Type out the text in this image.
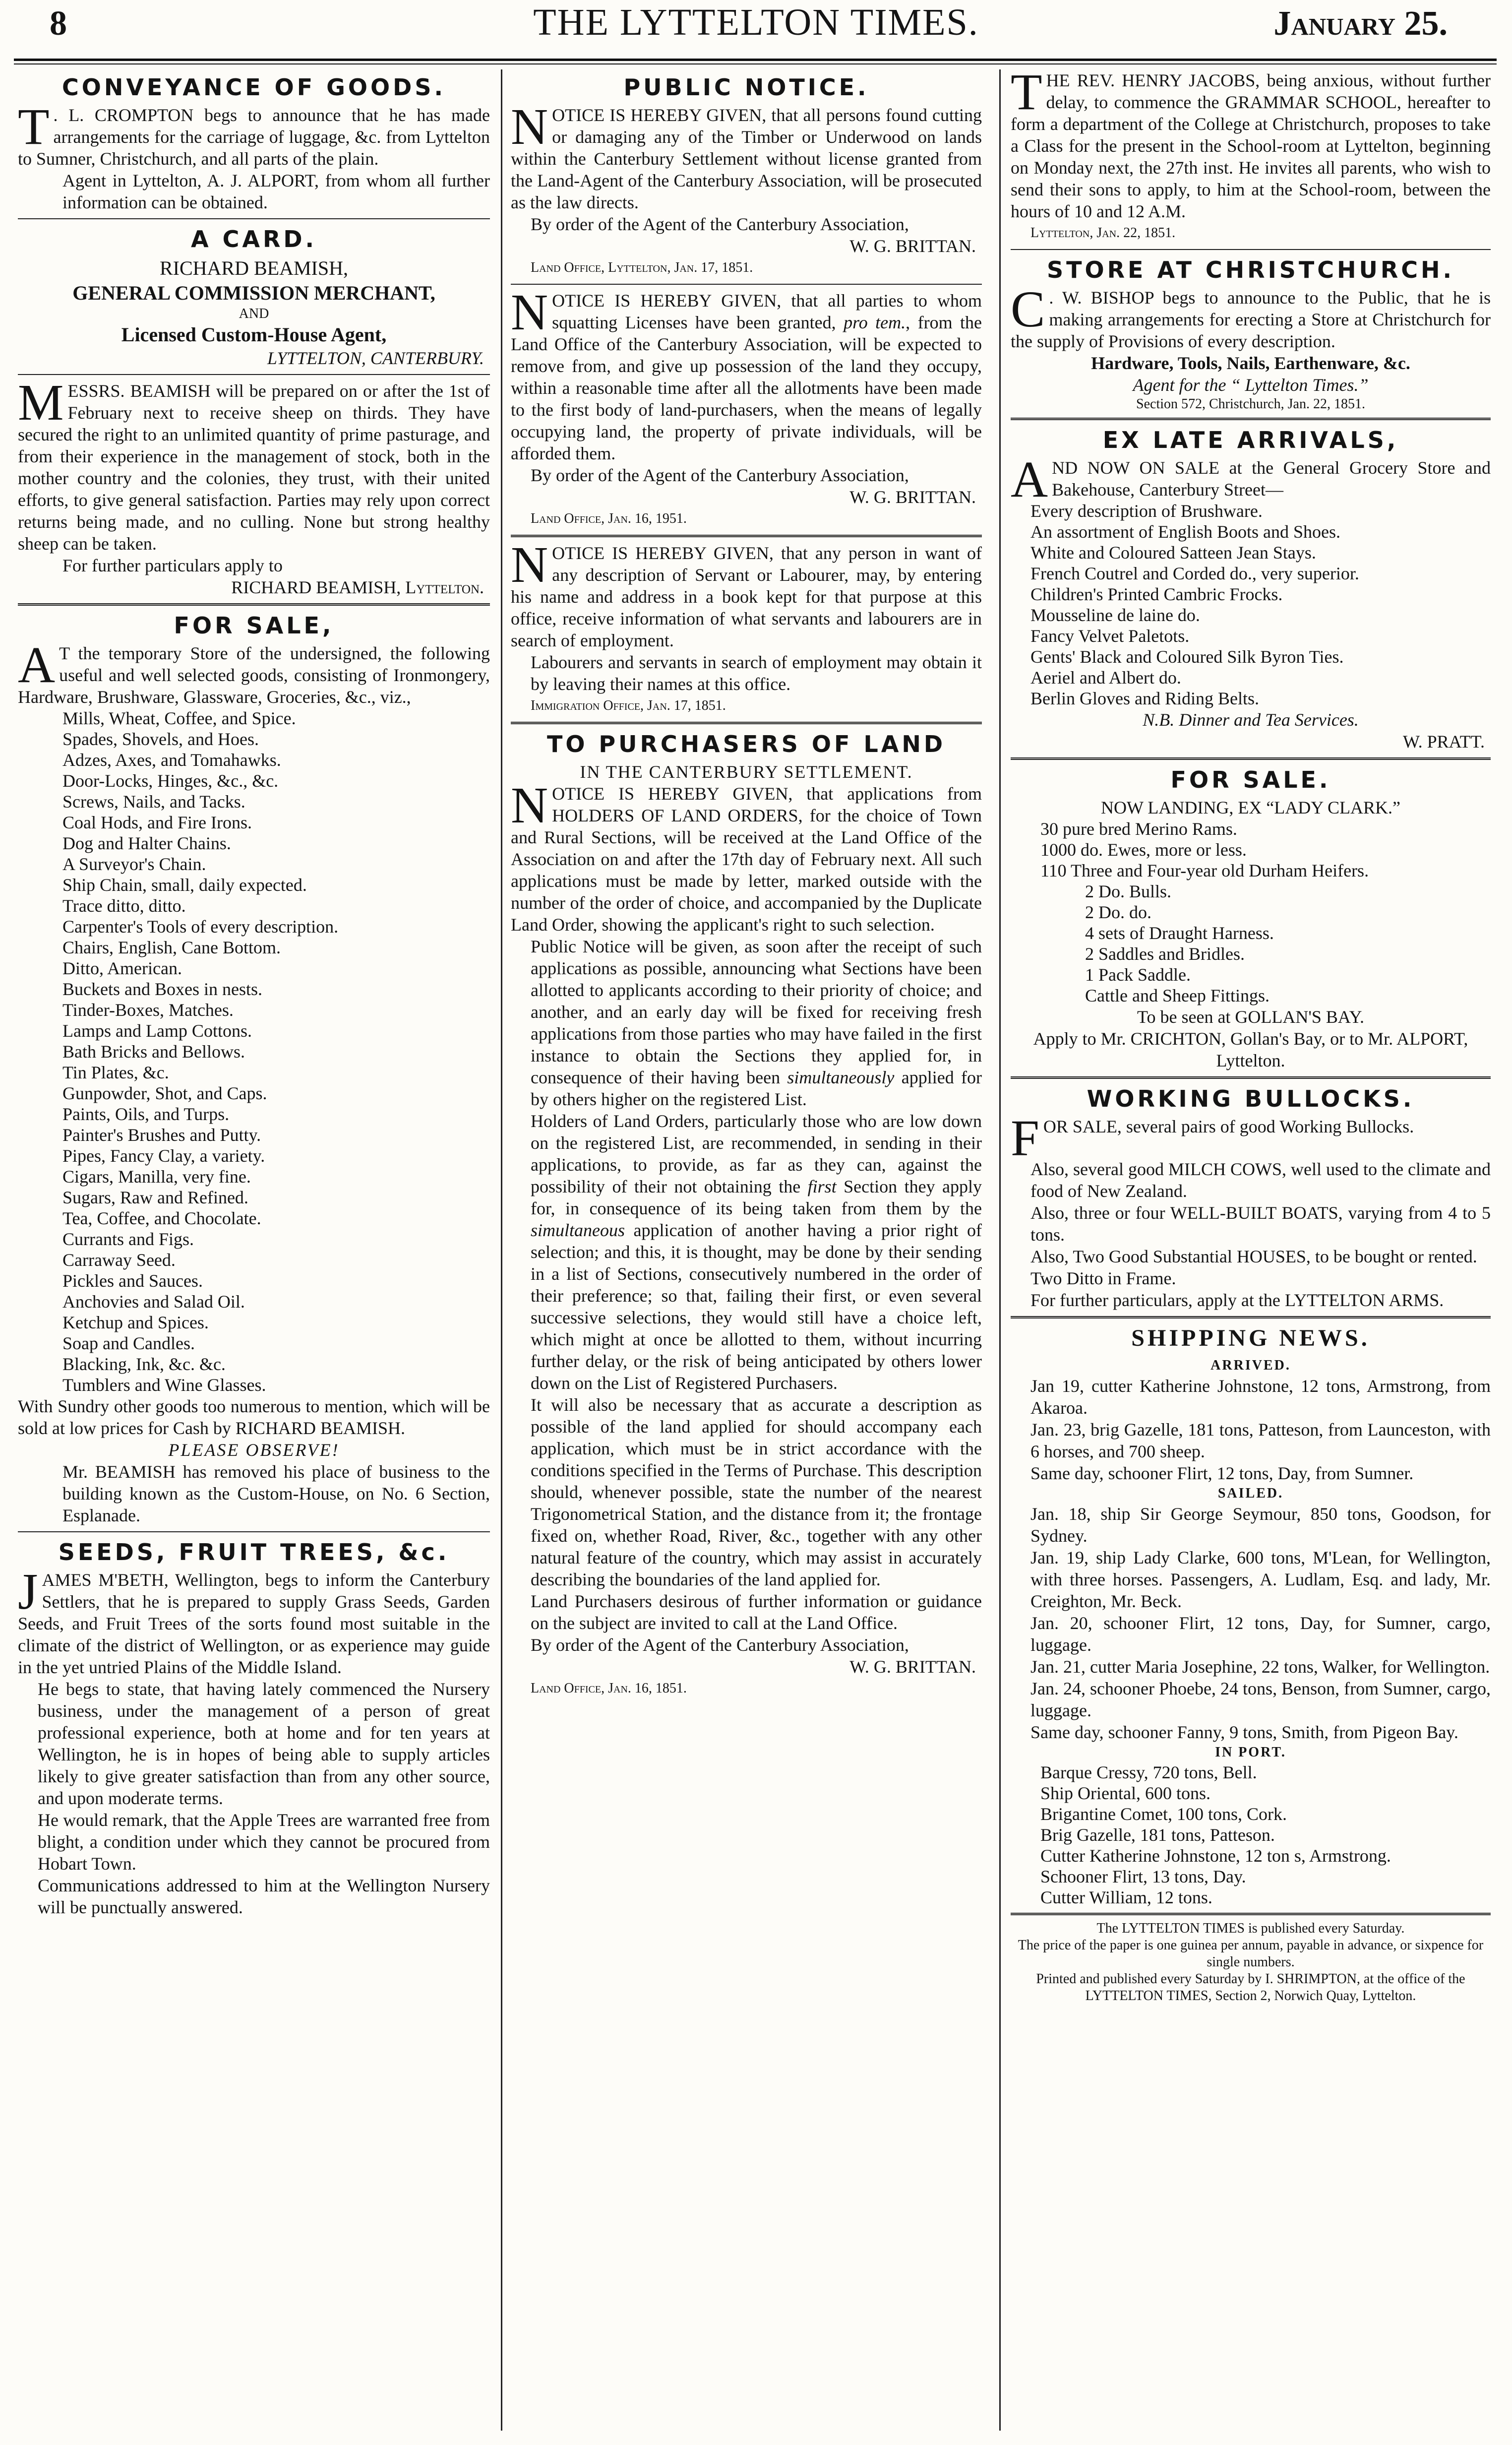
8	THE LYTTELTON TIMES.	January 25.
CONVEYANCE OF GOODS.

T . L. CROMPTON begs to announce that he has made arrangements for the carriage of luggage, &c. from Lyttelton to Sumner, Christchurch, and all parts of the plain.

Agent in Lyttelton, A. J. ALPORT, from whom all further information can be obtained.

A CARD.
RICHARD BEAMISH,
GENERAL COMMISSION MERCHANT,
AND
Licensed Custom-House Agent,
LYTTELTON, CANTERBURY.

MESSRS. BEAMISH will be prepared on or after the 1st of February next to receive sheep on thirds. They have secured the right to an unlimited quantity of prime pasturage, and from their experience in the management of stock, both in the mother country and the colonies, they trust, with their united efforts, to give general satisfaction. Parties may rely upon correct returns being made, and no culling. None but strong healthy sheep can be taken.

For further particulars apply to

RICHARD BEAMISH, Lyttelton.
FOR SALE,

A T the temporary Store of the undersigned, the following useful and well selected goods, consisting of Ironmongery, Hardware, Brushware, Glassware, Groceries, &c., viz.,

Mills, Wheat, Coffee, and Spice.
Spades, Shovels, and Hoes.
Adzes, Axes, and Tomahawks.
Door-Locks, Hinges, &c., &c.
Screws, Nails, and Tacks.
Coal Hods, and Fire Irons.
Dog and Halter Chains.
A Surveyor's Chain.
Ship Chain, small, daily expected.
Trace ditto, ditto.
Carpenter's Tools of every description.
Chairs, English, Cane Bottom.
Ditto, American.
Buckets and Boxes in nests.
Tinder-Boxes, Matches.
Lamps and Lamp Cottons.
Bath Bricks and Bellows.
Tin Plates, &c.
Gunpowder, Shot, and Caps.
Paints, Oils, and Turps.
Painter's Brushes and Putty.
Pipes, Fancy Clay, a variety.
Cigars, Manilla, very fine.
Sugars, Raw and Refined.
Tea, Coffee, and Chocolate.
Currants and Figs.
Carraway Seed.
Pickles and Sauces.
Anchovies and Salad Oil.
Ketchup and Spices.
Soap and Candles.
Blacking, Ink, &c. &c.
Tumblers and Wine Glasses.

With Sundry other goods too numerous to mention, which will be sold at low prices for Cash by RICHARD BEAMISH.

PLEASE OBSERVE!

Mr. BEAMISH has removed his place of business to the building known as the Custom-House, on No. 6 Section, Esplanade.

SEEDS, FRUIT TREES, &c.

JAMES M'BETH, Wellington, begs to inform the Canterbury Settlers, that he is prepared to supply Grass Seeds, Garden Seeds, and Fruit Trees of the sorts found most suitable in the climate of the district of Wellington, or as experience may guide in the yet untried Plains of the Middle Island.

He begs to state, that having lately commenced the Nursery business, under the management of a person of great professional experience, both at home and for ten years at Wellington, he is in hopes of being able to supply articles likely to give greater satisfaction than from any other source, and upon moderate terms.

He would remark, that the Apple Trees are warranted free from blight, a condition under which they cannot be procured from Hobart Town.

Communications addressed to him at the Wellington Nursery will be punctually answered.

PUBLIC NOTICE.

NOTICE IS HEREBY GIVEN, that all persons found cutting or damaging any of the Timber or Underwood on lands within the Canterbury Settlement without license granted from the Land-Agent of the Canterbury Association, will be prosecuted as the law directs.

By order of the Agent of the Canterbury Association,

W. G. BRITTAN.
Land Office, Lyttelton, Jan. 17, 1851.

NOTICE IS HEREBY GIVEN, that all parties to whom squatting Licenses have been granted, pro tem., from the Land Office of the Canterbury Association, will be expected to remove from, and give up possession of the land they occupy, within a reasonable time after all the allotments have been made to the first body of land-purchasers, when the means of legally occupying land, the property of private individuals, will be afforded them.

By order of the Agent of the Canterbury Association,

W. G. BRITTAN.
Land Office, Jan. 16, 1951.

NOTICE IS HEREBY GIVEN, that any person in want of any description of Servant or Labourer, may, by entering his name and address in a book kept for that purpose at this office, receive information of what servants and labourers are in search of employment.

Labourers and servants in search of employment may obtain it by leaving their names at this office.

Immigration Office, Jan. 17, 1851.
TO PURCHASERS OF LAND
IN THE CANTERBURY SETTLEMENT.

NOTICE IS HEREBY GIVEN, that applications from HOLDERS OF LAND ORDERS, for the choice of Town and Rural Sections, will be received at the Land Office of the Association on and after the 17th day of February next. All such applications must be made by letter, marked outside with the number of the order of choice, and accompanied by the Duplicate Land Order, showing the applicant's right to such selection.

Public Notice will be given, as soon after the receipt of such applications as possible, announcing what Sections have been allotted to applicants according to their priority of choice; and another, and an early day will be fixed for receiving fresh applications from those parties who may have failed in the first instance to obtain the Sections they applied for, in consequence of their having been simultaneously applied for by others higher on the registered List.

Holders of Land Orders, particularly those who are low down on the registered List, are recommended, in sending in their applications, to provide, as far as they can, against the possibility of their not obtaining the first Section they apply for, in consequence of its being taken from them by the simultaneous application of another having a prior right of selection; and this, it is thought, may be done by their sending in a list of Sections, consecutively numbered in the order of their preference; so that, failing their first, or even several successive selections, they would still have a choice left, which might at once be allotted to them, without incurring further delay, or the risk of being anticipated by others lower down on the List of Registered Purchasers.

It will also be necessary that as accurate a description as possible of the land applied for should accompany each application, which must be in strict accordance with the conditions specified in the Terms of Purchase. This description should, whenever possible, state the number of the nearest Trigonometrical Station, and the distance from it; the frontage fixed on, whether Road, River, &c., together with any other natural feature of the country, which may assist in accurately describing the boundaries of the land applied for.

Land Purchasers desirous of further information or guidance on the subject are invited to call at the Land Office.

By order of the Agent of the Canterbury Association,

W. G. BRITTAN.
Land Office, Jan. 16, 1851.

THE REV. HENRY JACOBS, being anxious, without further delay, to commence the GRAMMAR SCHOOL, hereafter to form a department of the College at Christchurch, proposes to take a Class for the present in the School-room at Lyttelton, beginning on Monday next, the 27th inst. He invites all parents, who wish to send their sons to apply, to him at the School-room, between the hours of 10 and 12 A.M.

Lyttelton, Jan. 22, 1851.
STORE AT CHRISTCHURCH.

C . W. BISHOP begs to announce to the Public, that he is making arrangements for erecting a Store at Christchurch for the supply of Provisions of every description.

Hardware, Tools, Nails, Earthenware, &c.
Agent for the “ Lyttelton Times.”
Section 572, Christchurch, Jan. 22, 1851.
EX LATE ARRIVALS,

AND NOW ON SALE at the General Grocery Store and Bakehouse, Canterbury Street—

Every description of Brushware.
An assortment of English Boots and Shoes.
White and Coloured Satteen Jean Stays.
French Coutrel and Corded do., very superior.
Children's Printed Cambric Frocks.
Mousseline de laine do.
Fancy Velvet Paletots.
Gents' Black and Coloured Silk Byron Ties.
Aeriel and Albert do.
Berlin Gloves and Riding Belts.
N.B. Dinner and Tea Services.
W. PRATT.
FOR SALE.
NOW LANDING, EX “LADY CLARK.”
30 pure bred Merino Rams.
1000 do. Ewes, more or less.
110 Three and Four-year old Durham Heifers.
2 Do. Bulls.
2 Do. do.
4 sets of Draught Harness.
2 Saddles and Bridles.
1 Pack Saddle.
Cattle and Sheep Fittings.
To be seen at GOLLAN'S BAY.

Apply to Mr. CRICHTON, Gollan's Bay, or to Mr. ALPORT, Lyttelton.

WORKING BULLOCKS.

FOR SALE, several pairs of good Working Bullocks.

Also, several good MILCH COWS, well used to the climate and food of New Zealand.

Also, three or four WELL-BUILT BOATS, varying from 4 to 5 tons.

Also, Two Good Substantial HOUSES, to be bought or rented.

Two Ditto in Frame.

For further particulars, apply at the LYTTELTON ARMS.

SHIPPING NEWS.
ARRIVED.

Jan 19, cutter Katherine Johnstone, 12 tons, Armstrong, from Akaroa.

Jan. 23, brig Gazelle, 181 tons, Patteson, from Launceston, with 6 horses, and 700 sheep.

Same day, schooner Flirt, 12 tons, Day, from Sumner.

SAILED.

Jan. 18, ship Sir George Seymour, 850 tons, Goodson, for Sydney.

Jan. 19, ship Lady Clarke, 600 tons, M'Lean, for Wellington, with three horses. Passengers, A. Ludlam, Esq. and lady, Mr. Creighton, Mr. Beck.

Jan. 20, schooner Flirt, 12 tons, Day, for Sumner, cargo, luggage.

Jan. 21, cutter Maria Josephine, 22 tons, Walker, for Wellington.

Jan. 24, schooner Phoebe, 24 tons, Benson, from Sumner, cargo, luggage.

Same day, schooner Fanny, 9 tons, Smith, from Pigeon Bay.

IN PORT.
Barque Cressy, 720 tons, Bell.
Ship Oriental, 600 tons.
Brigantine Comet, 100 tons, Cork.
Brig Gazelle, 181 tons, Patteson.
Cutter Katherine Johnstone, 12 ton s, Armstrong.
Schooner Flirt, 13 tons, Day.
Cutter William, 12 tons.

The LYTTELTON TIMES is published every Saturday.

The price of the paper is one guinea per annum, payable in advance, or sixpence for single numbers.

Printed and published every Saturday by I. SHRIMPTON, at the office of the LYTTELTON TIMES, Section 2, Norwich Quay, Lyttelton.
